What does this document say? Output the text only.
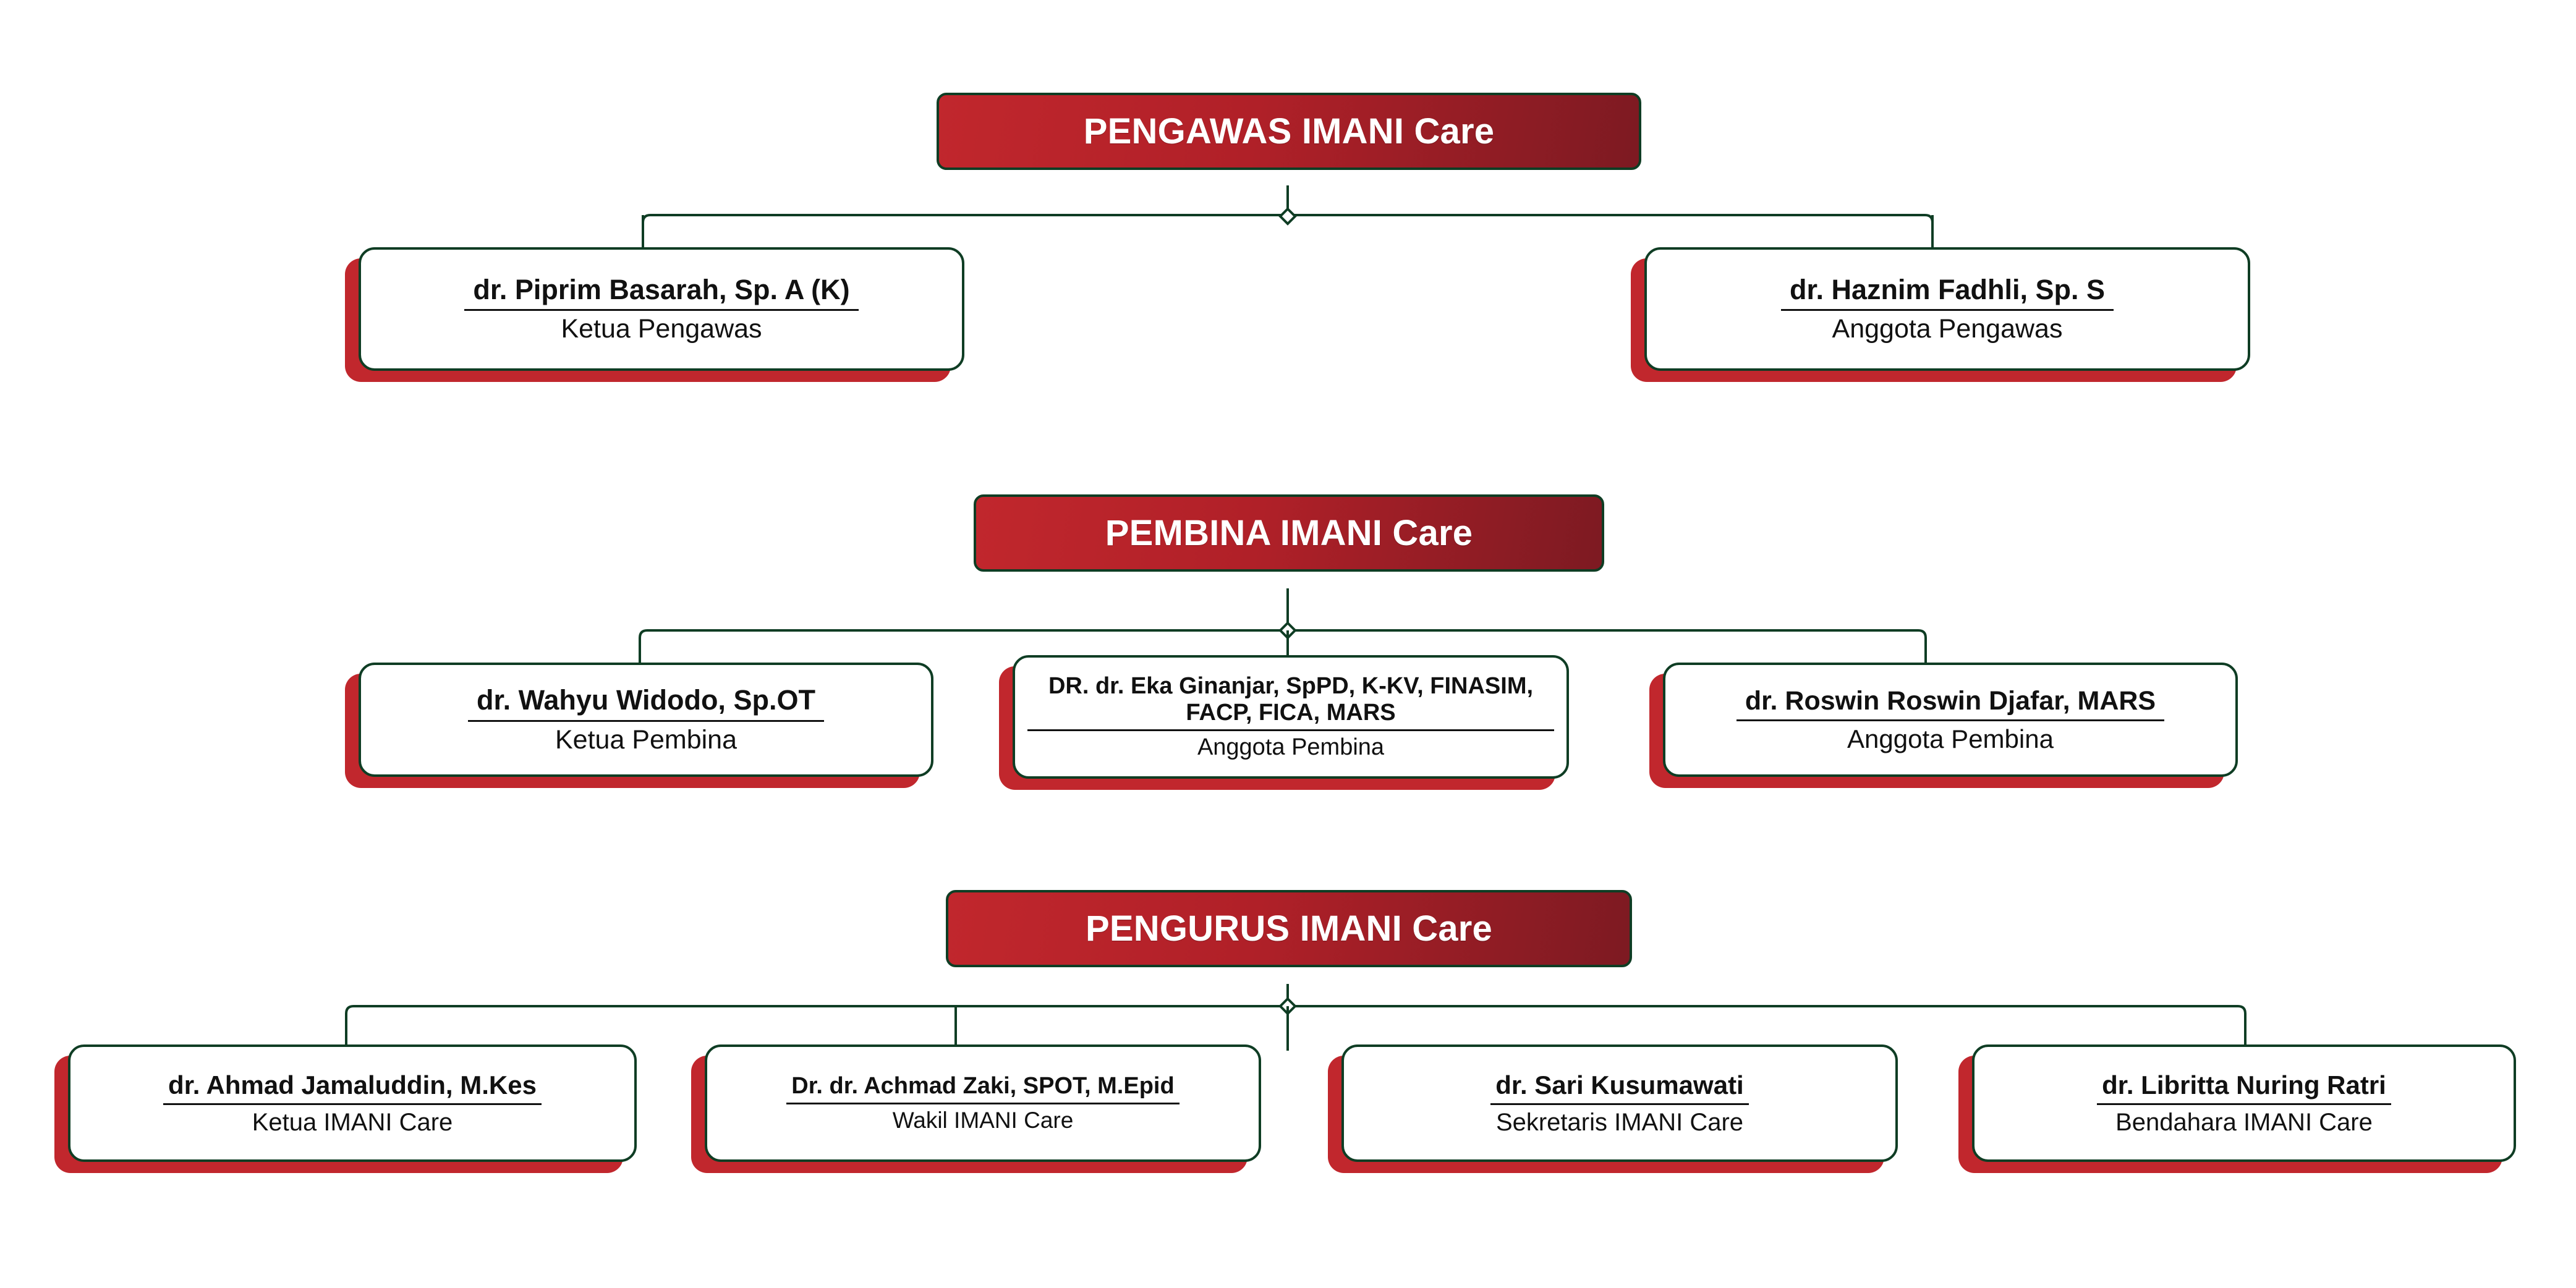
PENGAWAS IMANI Care
dr. Piprim Basarah, Sp. A (K)
Ketua Pengawas
dr. Haznim Fadhli, Sp. S
Anggota Pengawas
PEMBINA IMANI Care
dr. Wahyu Widodo, Sp.OT
Ketua Pembina
DR. dr. Eka Ginanjar, SpPD, K-KV, FINASIM, FACP, FICA, MARS
Anggota Pembina
dr. Roswin Roswin Djafar, MARS
Anggota Pembina
PENGURUS IMANI Care
dr. Ahmad Jamaluddin, M.Kes
Ketua IMANI Care
Dr. dr. Achmad Zaki, SPOT, M.Epid
Wakil IMANI Care
dr. Sari Kusumawati
Sekretaris IMANI Care
dr. Libritta Nuring Ratri
Bendahara IMANI Care
